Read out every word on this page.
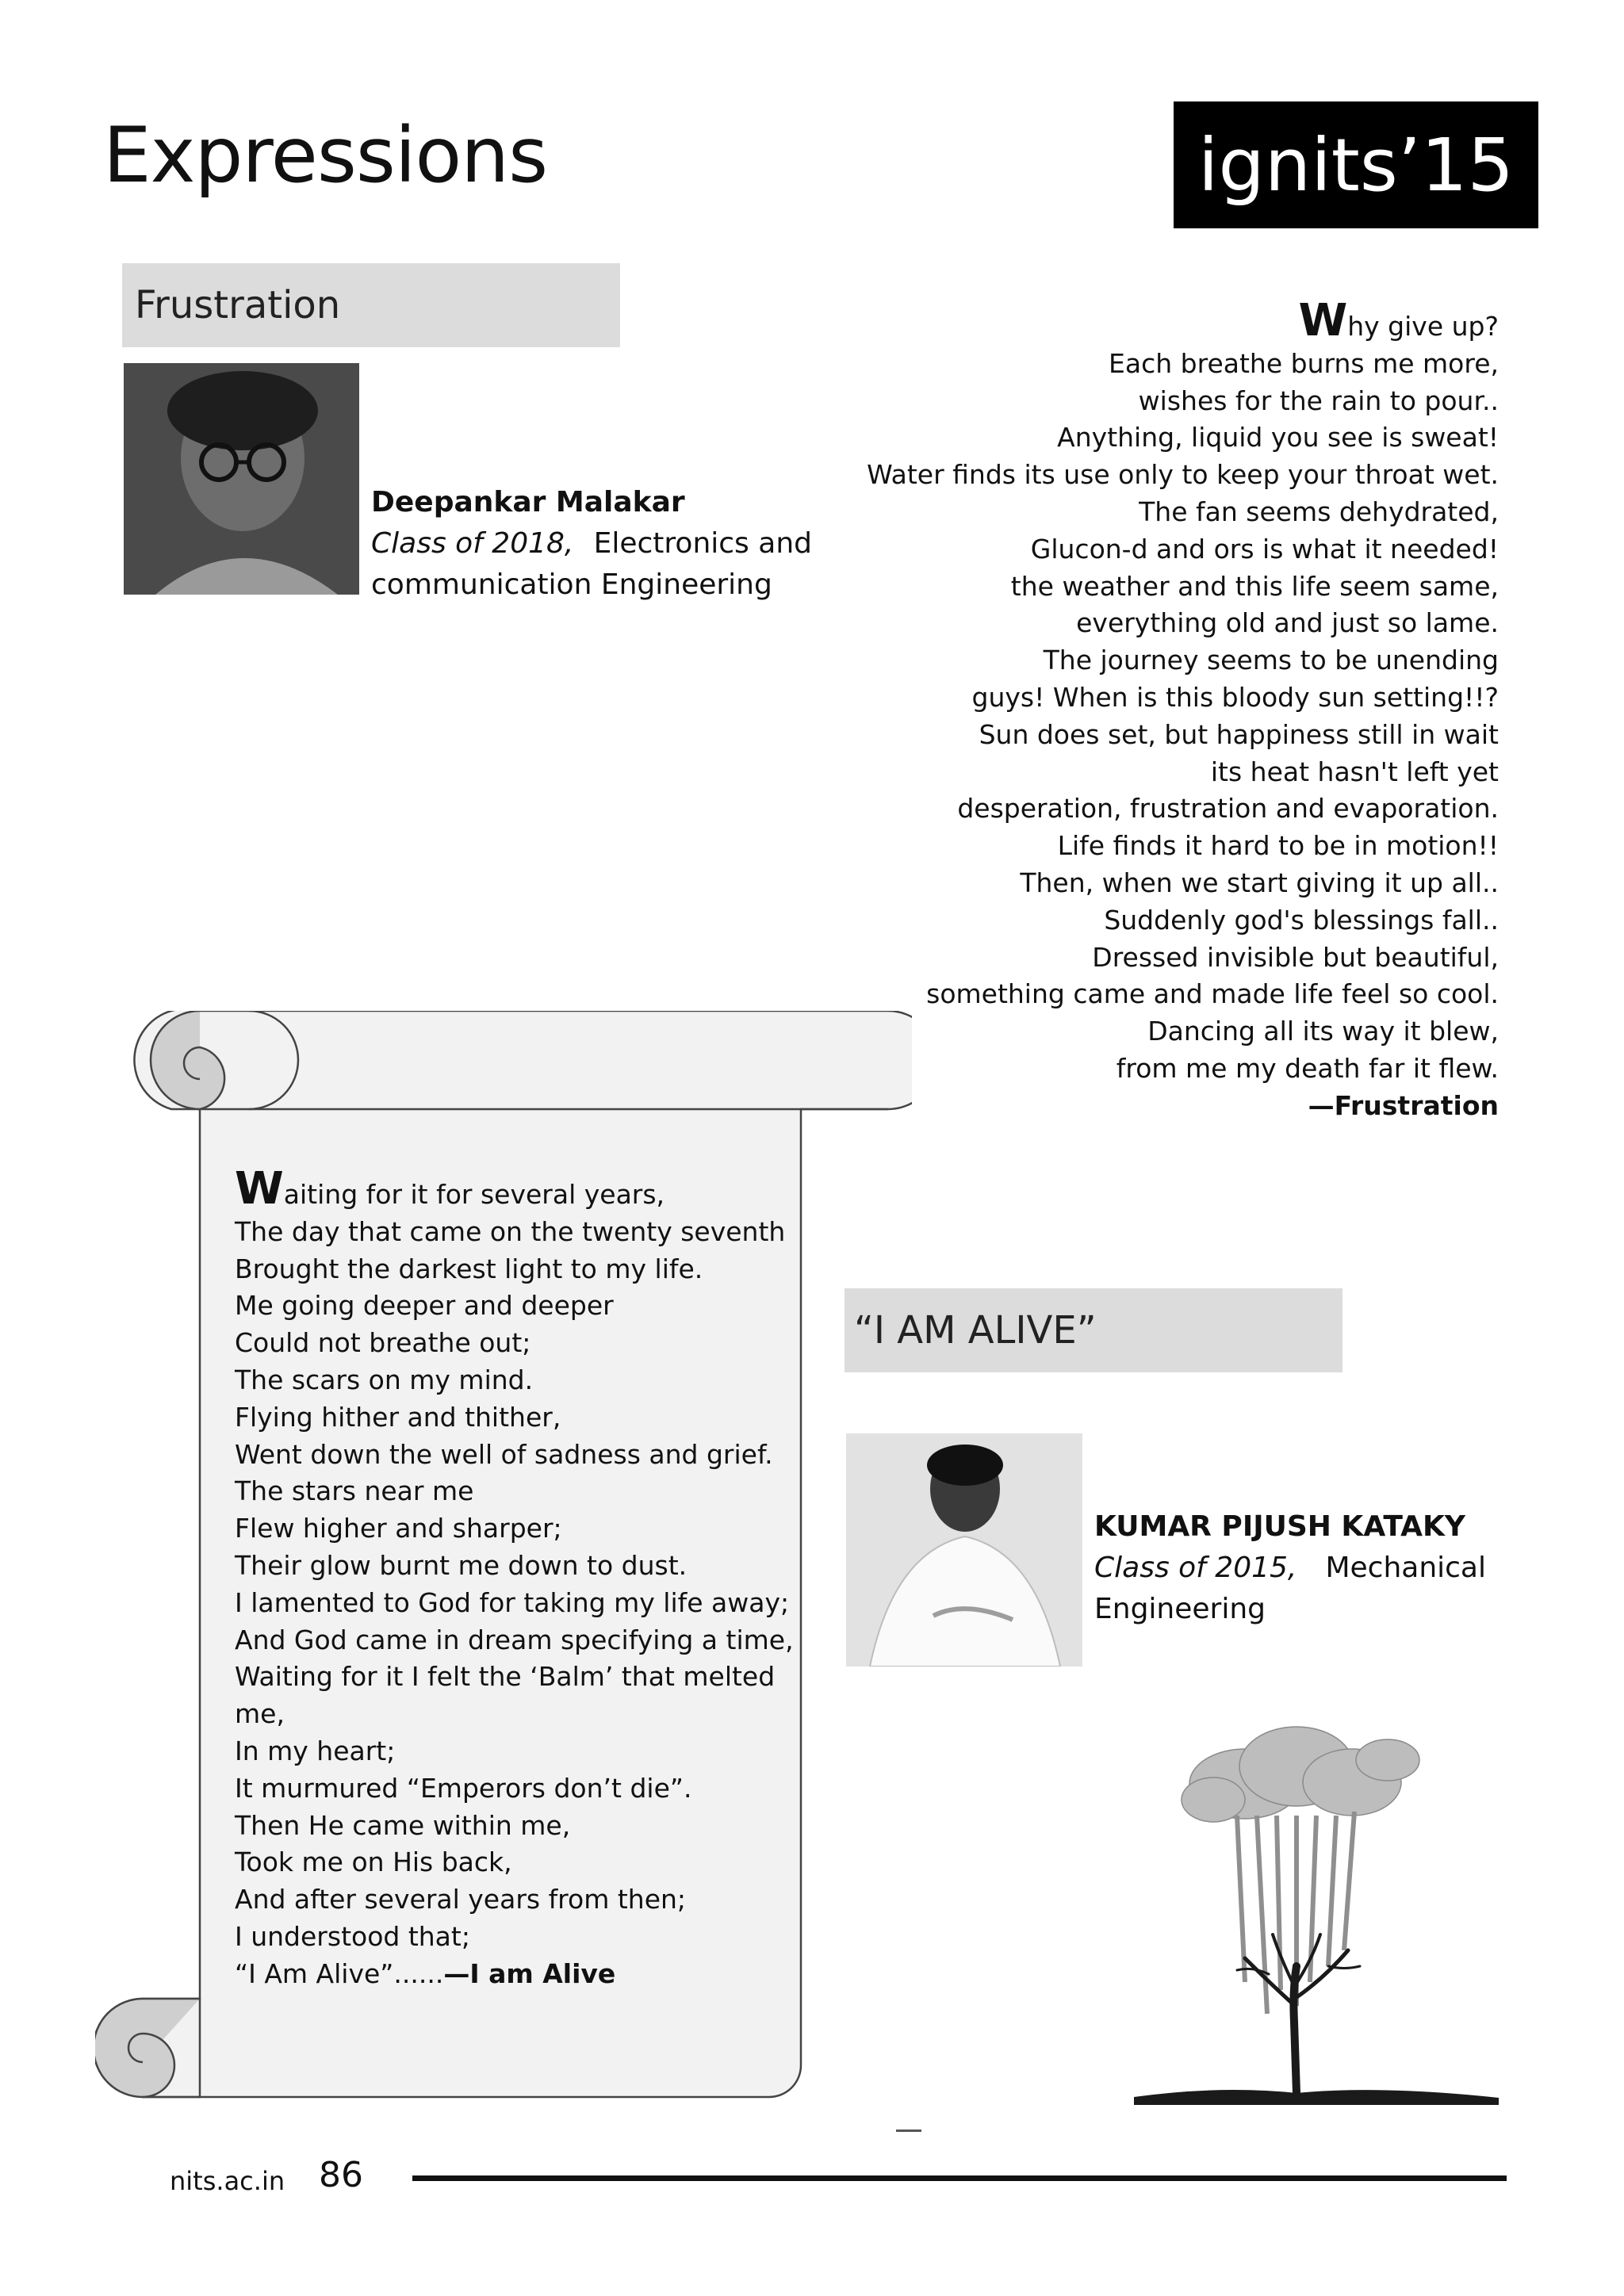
Expressions	ignits’15
Frustration
Deepankar Malakar
Class of 2018, Electronics and
communication Engineering
Why give up?
Each breathe burns me more,
wishes for the rain to pour..
Anything, liquid you see is sweat!
Water finds its use only to keep your throat wet.
The fan seems dehydrated,
Glucon-d and ors is what it needed!
the weather and this life seem same,
everything old and just so lame.
The journey seems to be unending
guys! When is this bloody sun setting!!?
Sun does set, but happiness still in wait
its heat hasn't left yet
desperation, frustration and evaporation.
Life finds it hard to be in motion!!
Then, when we start giving it up all..
Suddenly god's blessings fall..
Dressed invisible but beautiful,
something came and made life feel so cool.
Dancing all its way it blew,
from me my death far it flew.
—Frustration
Waiting for it for several years,
The day that came on the twenty seventh
Brought the darkest light to my life.
Me going deeper and deeper
Could not breathe out;
The scars on my mind.
Flying hither and thither,
Went down the well of sadness and grief.
The stars near me
Flew higher and sharper;
Their glow burnt me down to dust.
I lamented to God for taking my life away;
And God came in dream specifying a time,
Waiting for it I felt the ‘Balm’ that melted
me,
In my heart;
It murmured “Emperors don’t die”.
Then He came within me,
Took me on His back,
And after several years from then;
I understood that;
“I Am Alive”......—I am Alive
“I AM ALIVE”
KUMAR PIJUSH KATAKY
Class of 2015, Mechanical
Engineering
nits.ac.in 86
